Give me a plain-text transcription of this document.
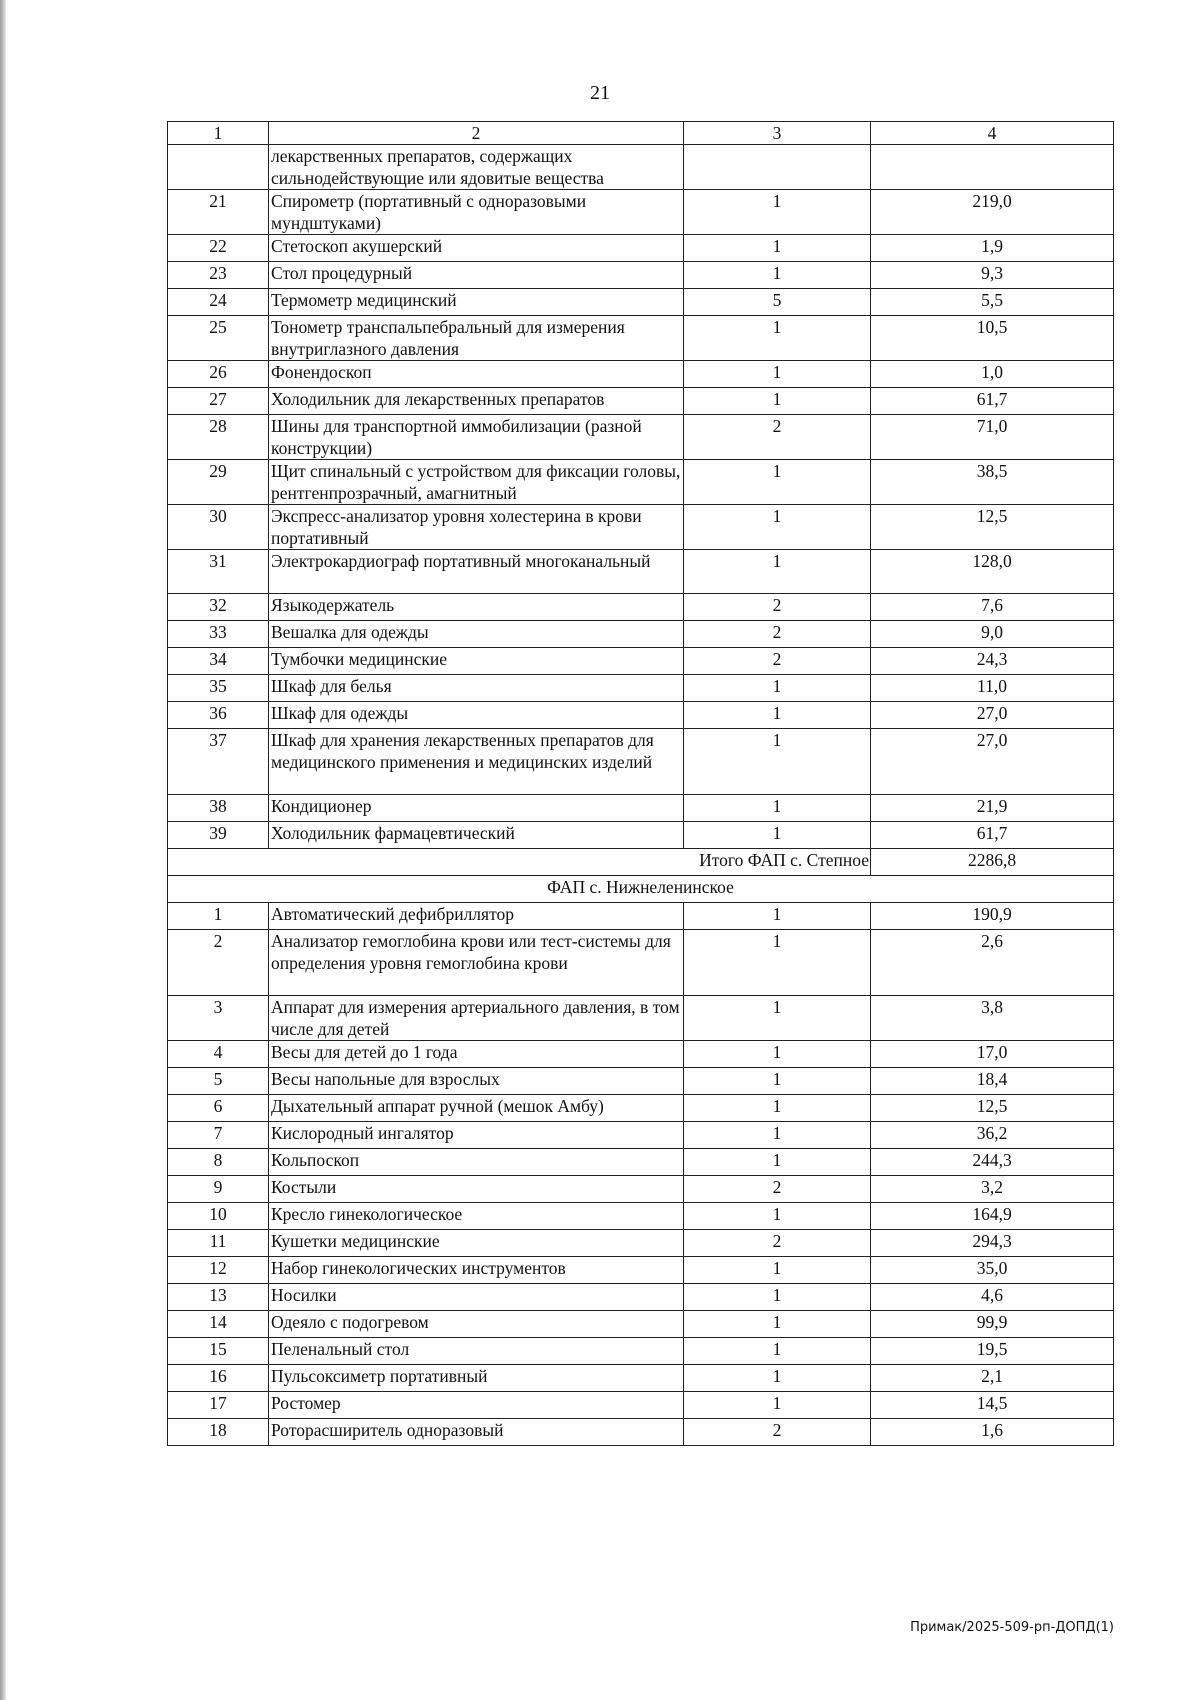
21
1	2	3	4
	лекарственных препаратов, содержащих сильнодействующие или ядовитые вещества		
21	Спирометр (портативный с одноразовыми мундштуками)	1	219,0
22	Стетоскоп акушерский	1	1,9
23	Стол процедурный	1	9,3
24	Термометр медицинский	5	5,5
25	Тонометр транспальпебральный для измерения внутриглазного давления	1	10,5
26	Фонендоскоп	1	1,0
27	Холодильник для лекарственных препаратов	1	61,7
28	Шины для транспортной иммобилизации (разной конструкции)	2	71,0
29	Щит спинальный с устройством для фиксации головы, рентгенпрозрачный, амагнитный	1	38,5
30	Экспресс-анализатор уровня холестерина в крови портативный	1	12,5
31	Электрокардиограф портативный многоканальный	1	128,0
32	Языкодержатель	2	7,6
33	Вешалка для одежды	2	9,0
34	Тумбочки медицинские	2	24,3
35	Шкаф для белья	1	11,0
36	Шкаф для одежды	1	27,0
37	Шкаф для хранения лекарственных препаратов для медицинского применения и медицинских изделий	1	27,0
38	Кондиционер	1	21,9
39	Холодильник фармацевтический	1	61,7
Итого ФАП с. Степное			2286,8
ФАП с. Нижнеленинское			
1	Автоматический дефибриллятор	1	190,9
2	Анализатор гемоглобина крови или тест-системы для определения уровня гемоглобина крови	1	2,6
3	Аппарат для измерения артериального давления, в том числе для детей	1	3,8
4	Весы для детей до 1 года	1	17,0
5	Весы напольные для взрослых	1	18,4
6	Дыхательный аппарат ручной (мешок Амбу)	1	12,5
7	Кислородный ингалятор	1	36,2
8	Кольпоскоп	1	244,3
9	Костыли	2	3,2
10	Кресло гинекологическое	1	164,9
11	Кушетки медицинские	2	294,3
12	Набор гинекологических инструментов	1	35,0
13	Носилки	1	4,6
14	Одеяло с подогревом	1	99,9
15	Пеленальный стол	1	19,5
16	Пульсоксиметр портативный	1	2,1
17	Ростомер	1	14,5
18	Роторасширитель одноразовый	2	1,6
Примак/2025-509-рп-ДОПД(1)
